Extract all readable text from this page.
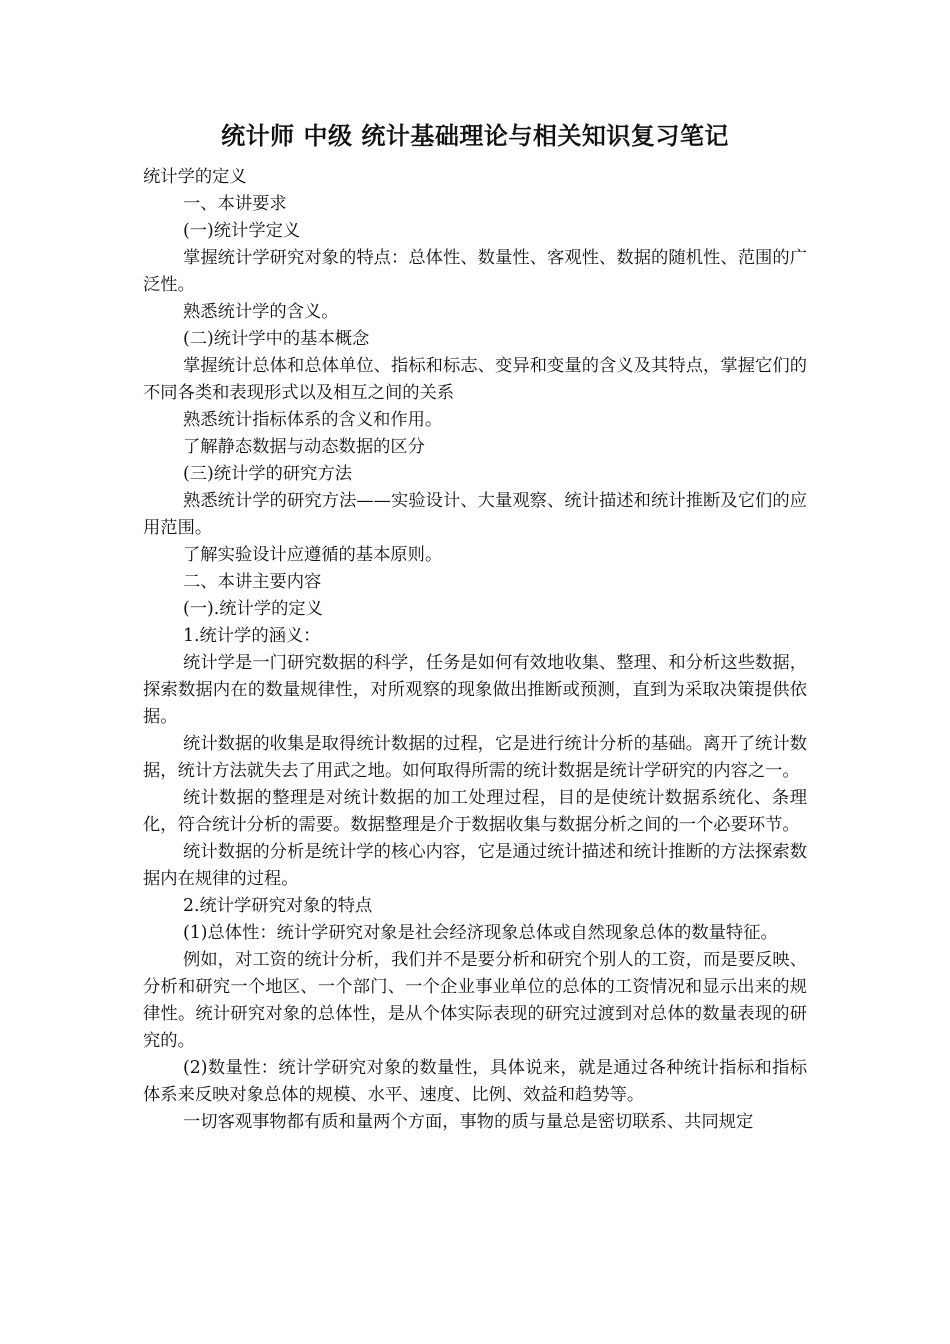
统计师 中级 统计基础理论与相关知识复习笔记

统计学的定义

一、本讲要求

(一)统计学定义

掌握统计学研究对象的特点：总体性、数量性、客观性、数据的随机性、范围的广泛性。

熟悉统计学的含义。

(二)统计学中的基本概念

掌握统计总体和总体单位、指标和标志、变异和变量的含义及其特点，掌握它们的不同各类和表现形式以及相互之间的关系

熟悉统计指标体系的含义和作用。

了解静态数据与动态数据的区分

(三)统计学的研究方法

熟悉统计学的研究方法——实验设计、大量观察、统计描述和统计推断及它们的应用范围。

了解实验设计应遵循的基本原则。

二、本讲主要内容

(一).统计学的定义

1.统计学的涵义：

统计学是一门研究数据的科学，任务是如何有效地收集、整理、和分析这些数据，探索数据内在的数量规律性，对所观察的现象做出推断或预测，直到为采取决策提供依据。

统计数据的收集是取得统计数据的过程，它是进行统计分析的基础。离开了统计数据，统计方法就失去了用武之地。如何取得所需的统计数据是统计学研究的内容之一。

统计数据的整理是对统计数据的加工处理过程，目的是使统计数据系统化、条理化，符合统计分析的需要。数据整理是介于数据收集与数据分析之间的一个必要环节。

统计数据的分析是统计学的核心内容，它是通过统计描述和统计推断的方法探索数据内在规律的过程。

2.统计学研究对象的特点

(1)总体性：统计学研究对象是社会经济现象总体或自然现象总体的数量特征。

例如，对工资的统计分析，我们并不是要分析和研究个别人的工资，而是要反映、分析和研究一个地区、一个部门、一个企业事业单位的总体的工资情况和显示出来的规律性。统计研究对象的总体性，是从个体实际表现的研究过渡到对总体的数量表现的研究的。

(2)数量性：统计学研究对象的数量性，具体说来，就是通过各种统计指标和指标体系来反映对象总体的规模、水平、速度、比例、效益和趋势等。

一切客观事物都有质和量两个方面，事物的质与量总是密切联系、共同规定
